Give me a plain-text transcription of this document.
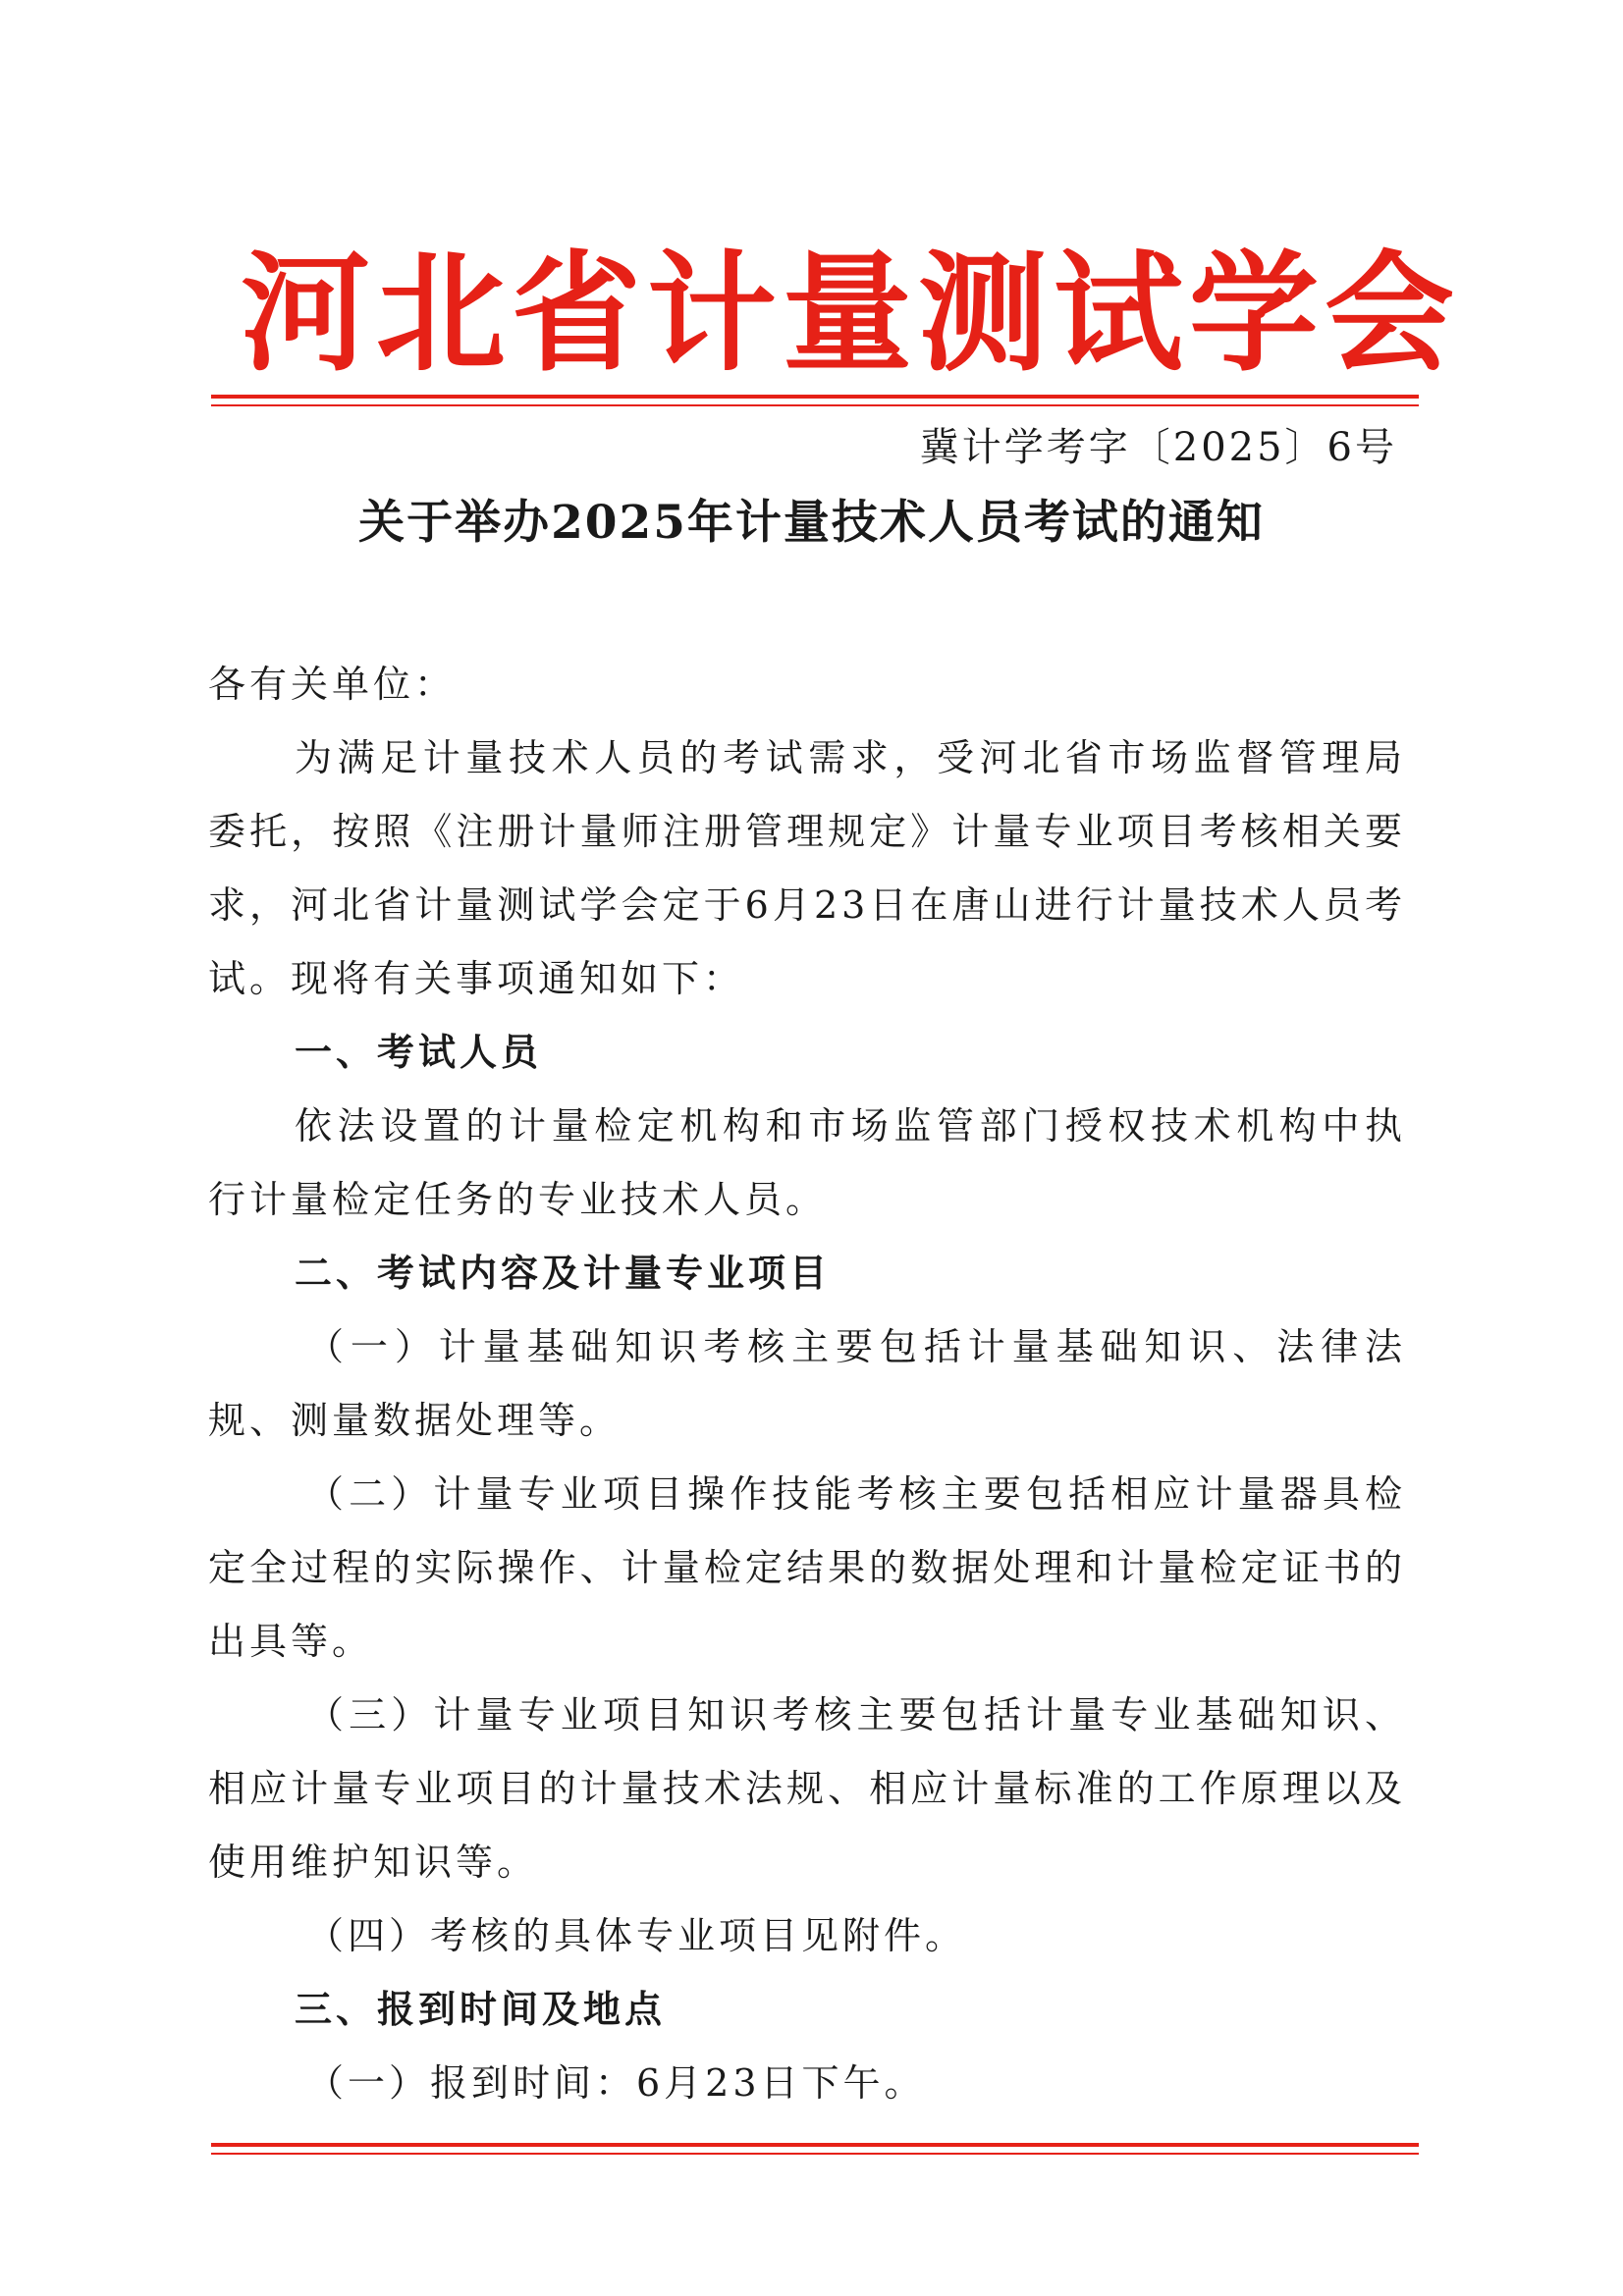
河北省计量测试学会
冀计学考字〔2025〕6号
关于举办2025年计量技术人员考试的通知

各有关单位：

为满足计量技术人员的考试需求，受河北省市场监督管理局委托，按照《注册计量师注册管理规定》计量专业项目考核相关要求，河北省计量测试学会定于6月23日在唐山进行计量技术人员考试。现将有关事项通知如下：

一、考试人员

依法设置的计量检定机构和市场监管部门授权技术机构中执行计量检定任务的专业技术人员。

二、考试内容及计量专业项目

（一）计量基础知识考核主要包括计量基础知识、法律法规、测量数据处理等。

（二）计量专业项目操作技能考核主要包括相应计量器具检定全过程的实际操作、计量检定结果的数据处理和计量检定证书的出具等。

（三）计量专业项目知识考核主要包括计量专业基础知识、相应计量专业项目的计量技术法规、相应计量标准的工作原理以及使用维护知识等。

（四）考核的具体专业项目见附件。

三、报到时间及地点

（一）报到时间：6月23日下午。
